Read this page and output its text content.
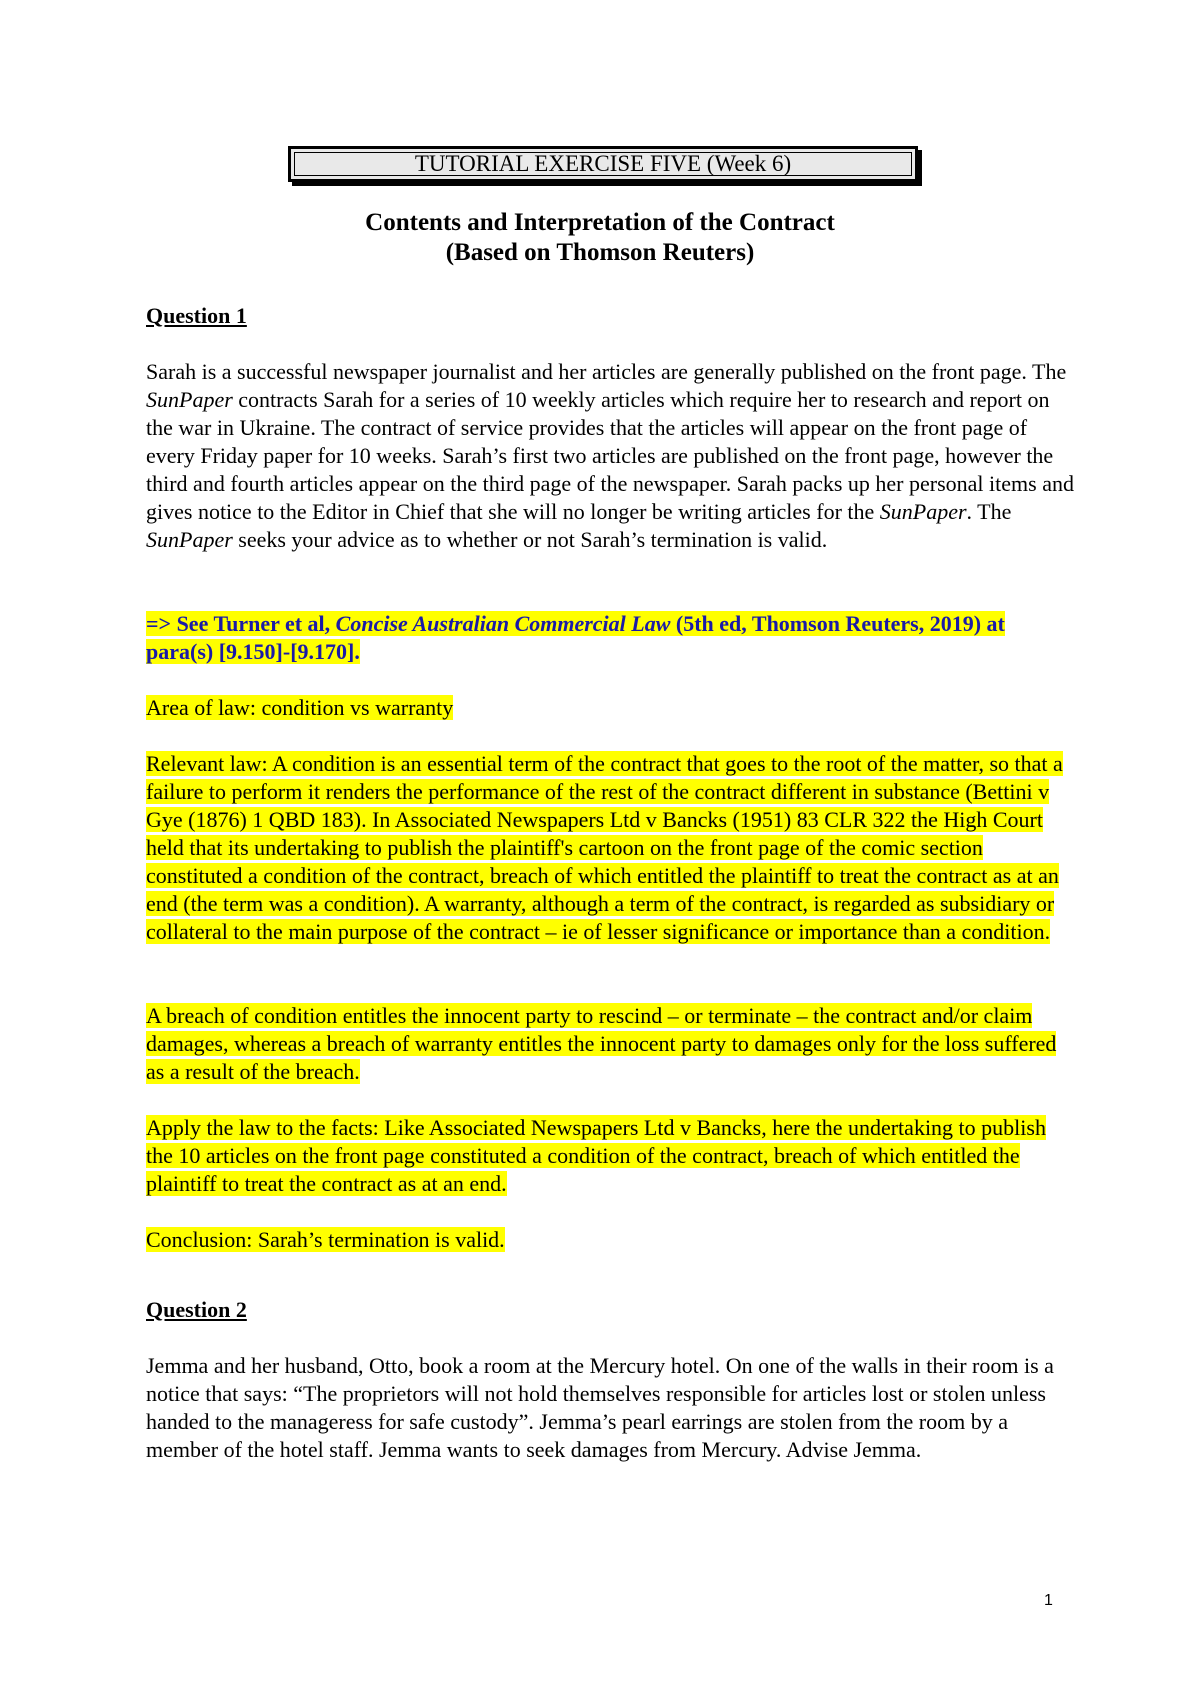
TUTORIAL EXERCISE FIVE (Week 6)
Contents and Interpretation of the Contract
(Based on Thomson Reuters)
Question 1
Sarah is a successful newspaper journalist and her articles are generally published on the front page. The SunPaper contracts Sarah for a series of 10 weekly articles which require her to research and report on the war in Ukraine. The contract of service provides that the articles will appear on the front page of every Friday paper for 10 weeks. Sarah’s first two articles are published on the front page, however the third and fourth articles appear on the third page of the newspaper. Sarah packs up her personal items and gives notice to the Editor in Chief that she will no longer be writing articles for the SunPaper. The SunPaper seeks your advice as to whether or not Sarah’s termination is valid.
=> See Turner et al, Concise Australian Commercial Law (5th ed, Thomson Reuters, 2019) at para(s) [9.150]-[9.170].
Area of law: condition vs warranty
Relevant law: A condition is an essential term of the contract that goes to the root of the matter, so that a failure to perform it renders the performance of the rest of the contract different in substance (Bettini v Gye (1876) 1 QBD 183). In Associated Newspapers Ltd v Bancks (1951) 83 CLR 322 the High Court held that its undertaking to publish the plaintiff's cartoon on the front page of the comic section constituted a condition of the contract, breach of which entitled the plaintiff to treat the contract as at an end (the term was a condition). A warranty, although a term of the contract, is regarded as subsidiary or collateral to the main purpose of the contract – ie of lesser significance or importance than a condition.
A breach of condition entitles the innocent party to rescind – or terminate – the contract and/or claim damages, whereas a breach of warranty entitles the innocent party to damages only for the loss suffered as a result of the breach.
Apply the law to the facts: Like Associated Newspapers Ltd v Bancks, here the undertaking to publish the 10 articles on the front page constituted a condition of the contract, breach of which entitled the plaintiff to treat the contract as at an end.
Conclusion: Sarah’s termination is valid.
Question 2
Jemma and her husband, Otto, book a room at the Mercury hotel. On one of the walls in their room is a notice that says: “The proprietors will not hold themselves responsible for articles lost or stolen unless handed to the manageress for safe custody”. Jemma’s pearl earrings are stolen from the room by a member of the hotel staff. Jemma wants to seek damages from Mercury. Advise Jemma.
1
